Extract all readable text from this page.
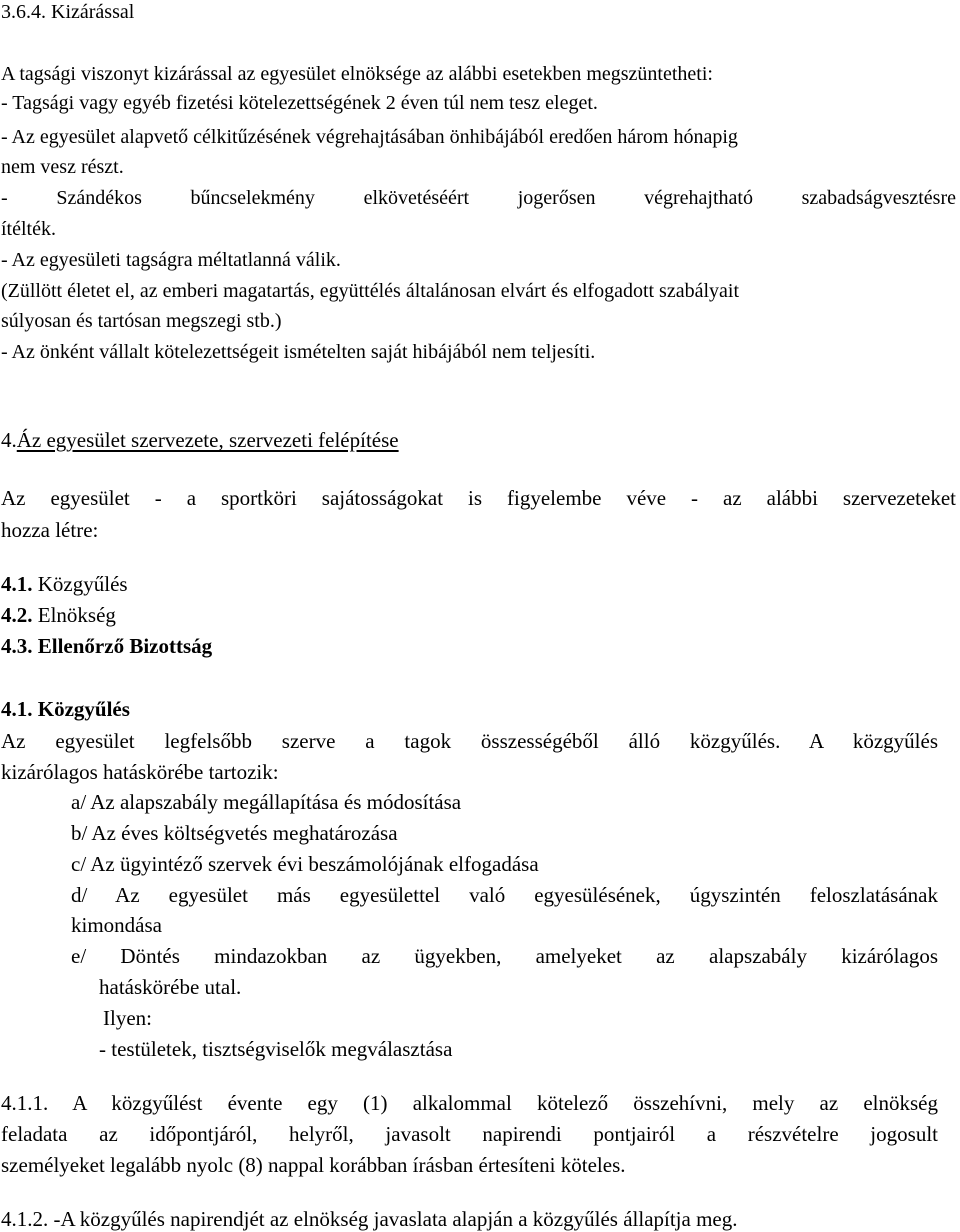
3.6.4. Kizárással
A tagsági viszonyt kizárással az egyesület elnöksége az alábbi esetekben megszüntetheti:
- Tagsági vagy egyéb fizetési kötelezettségének 2 éven túl nem tesz eleget.
- Az egyesület alapvető célkitűzésének végrehajtásában önhibájából eredően három hónapig
nem vesz részt.
- Szándékos bűncselekmény elkövetéséért jogerősen végrehajtható szabadságvesztésre
ítélték.
- Az egyesületi tagságra méltatlanná válik.
(Züllött életet el, az emberi magatartás, együttélés általánosan elvárt és elfogadott szabályait
súlyosan és tartósan megszegi stb.)
- Az önként vállalt kötelezettségeit ismételten saját hibájából nem teljesíti.
4.Áz egyesület szervezete, szervezeti felépítése
Az egyesület - a sportköri sajátosságokat is figyelembe véve - az alábbi szervezeteket
hozza létre:
4.1. Közgyűlés
4.2. Elnökség
4.3. Ellenőrző Bizottság
4.1. Közgyűlés
Az egyesület legfelsőbb szerve a tagok összességéből álló közgyűlés. A közgyűlés
kizárólagos hatáskörébe tartozik:
a/ Az alapszabály megállapítása és módosítása
b/ Az éves költségvetés meghatározása
c/ Az ügyintéző szervek évi beszámolójának elfogadása
d/ Az egyesület más egyesülettel való egyesülésének, úgyszintén feloszlatásának
kimondása
e/ Döntés mindazokban az ügyekben, amelyeket az alapszabály kizárólagos
hatáskörébe utal.
Ilyen:
- testületek, tisztségviselők megválasztása
4.1.1. A közgyűlést évente egy (1) alkalommal kötelező összehívni, mely az elnökség
feladata az időpontjáról, helyről, javasolt napirendi pontjairól a részvételre jogosult
személyeket legalább nyolc (8) nappal korábban írásban értesíteni köteles.
4.1.2. -A közgyűlés napirendjét az elnökség javaslata alapján a közgyűlés állapítja meg.
